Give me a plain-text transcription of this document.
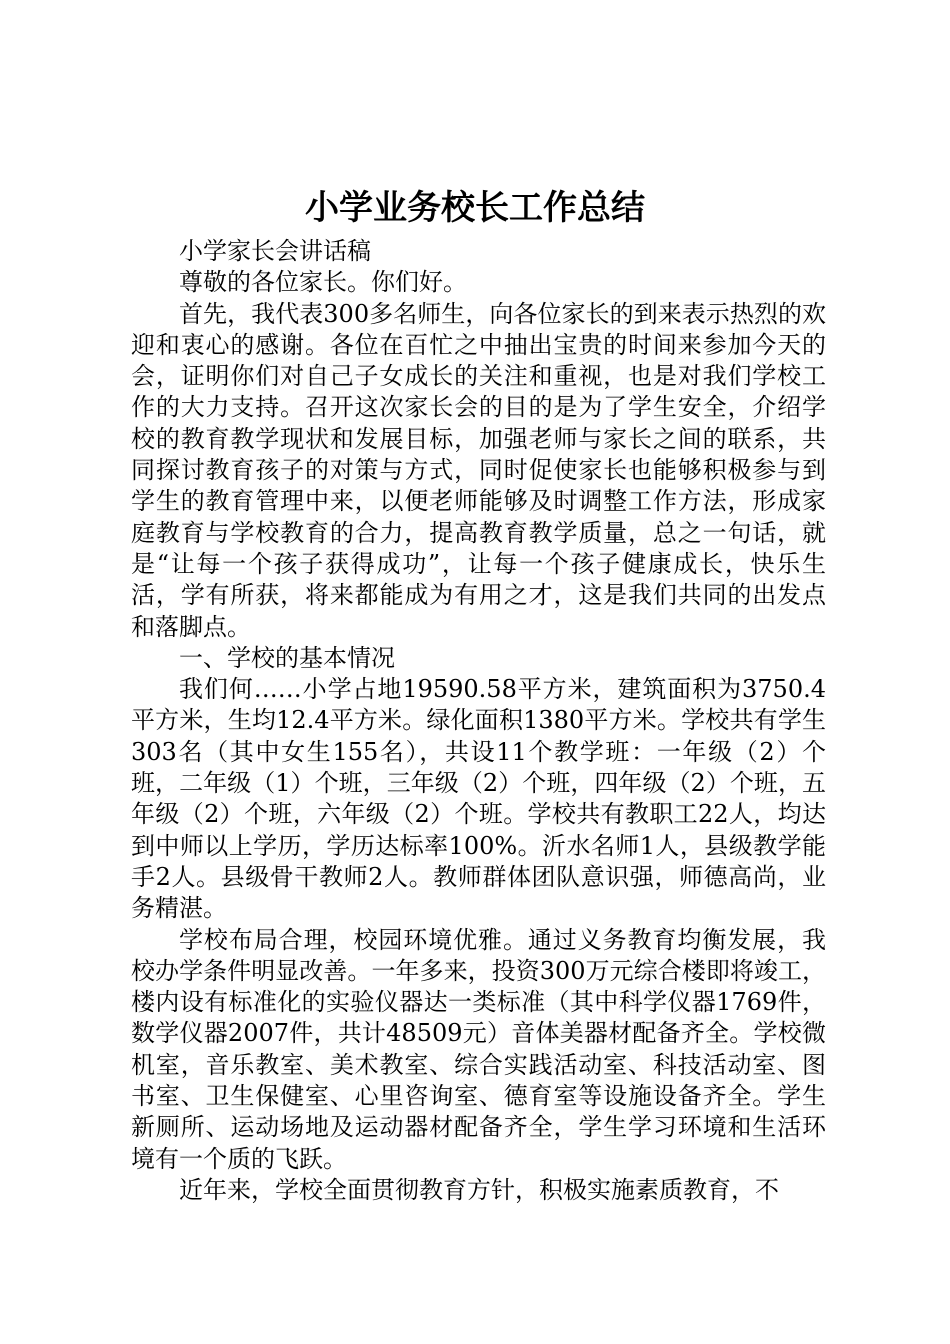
小学业务校长工作总结

小学家长会讲话稿

尊敬的各位家长。你们好。

首先，我代表300多名师生，向各位家长的到来表示热烈的欢迎和衷心的感谢。各位在百忙之中抽出宝贵的时间来参加今天的会，证明你们对自己子女成长的关注和重视，也是对我们学校工作的大力支持。召开这次家长会的目的是为了学生安全，介绍学校的教育教学现状和发展目标，加强老师与家长之间的联系，共同探讨教育孩子的对策与方式，同时促使家长也能够积极参与到学生的教育管理中来，以便老师能够及时调整工作方法，形成家庭教育与学校教育的合力，提高教育教学质量，总之一句话，就是“让每一个孩子获得成功”，让每一个孩子健康成长，快乐生活，学有所获，将来都能成为有用之才，这是我们共同的出发点和落脚点。

一、学校的基本情况

我们何……小学占地19590.58平方米，建筑面积为3750.4平方米，生均12.4平方米。绿化面积1380平方米。学校共有学生303名（其中女生155名），共设11个教学班：一年级（2）个班，二年级（1）个班，三年级（2）个班，四年级（2）个班，五年级（2）个班，六年级（2）个班。学校共有教职工22人，均达到中师以上学历，学历达标率100%。沂水名师1人，县级教学能手2人。县级骨干教师2人。教师群体团队意识强，师德高尚，业务精湛。

学校布局合理，校园环境优雅。通过义务教育均衡发展，我校办学条件明显改善。一年多来，投资300万元综合楼即将竣工，楼内设有标准化的实验仪器达一类标准（其中科学仪器1769件，数学仪器2007件，共计48509元）音体美器材配备齐全。学校微机室，音乐教室、美术教室、综合实践活动室、科技活动室、图书室、卫生保健室、心里咨询室、德育室等设施设备齐全。学生新厕所、运动场地及运动器材配备齐全，学生学习环境和生活环境有一个质的飞跃。

近年来，学校全面贯彻教育方针，积极实施素质教育，不
